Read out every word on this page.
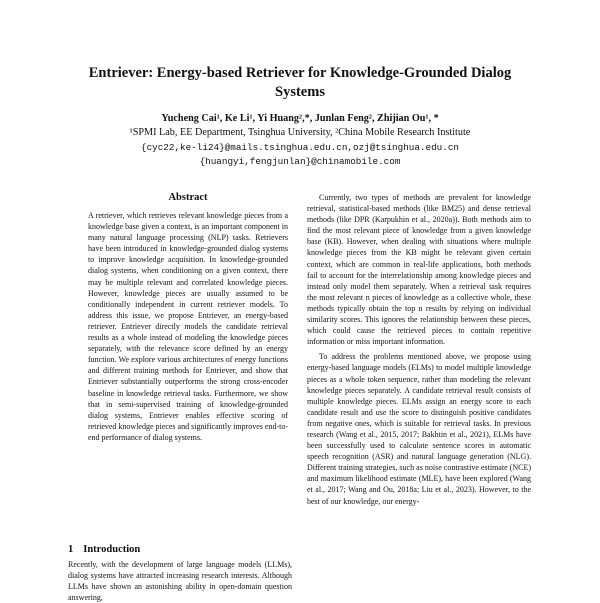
Entriever: Energy-based Retriever for Knowledge-Grounded Dialog Systems
Yucheng Cai¹, Ke Li¹, Yi Huang²,*, Junlan Feng², Zhijian Ou¹, *
¹SPMI Lab, EE Department, Tsinghua University, ²China Mobile Research Institute
{cyc22,ke-li24}@mails.tsinghua.edu.cn,ozj@tsinghua.edu.cn
{huangyi,fengjunlan}@chinamobile.com
Abstract

A retriever, which retrieves relevant knowledge pieces from a knowledge base given a context, is an important component in many natural language processing (NLP) tasks. Retrievers have been introduced in knowledge-grounded dialog systems to improve knowledge acquisition. In knowledge-grounded dialog systems, when conditioning on a given context, there may be multiple relevant and correlated knowledge pieces. However, knowledge pieces are usually assumed to be conditionally independent in current retriever models. To address this issue, we propose Entriever, an energy-based retriever. Entriever directly models the candidate retrieval results as a whole instead of modeling the knowledge pieces separately, with the relevance score defined by an energy function. We explore various architectures of energy functions and different training methods for Entriever, and show that Entriever substantially outperforms the strong cross-encoder baseline in knowledge retrieval tasks. Furthermore, we show that in semi-supervised training of knowledge-grounded dialog systems, Entriever enables effective scoring of retrieved knowledge pieces and significantly improves end-to-end performance of dialog systems.

1 Introduction

Recently, with the development of large language models (LLMs), dialog systems have attracted increasing research interests. Although LLMs have shown an astonishing ability in open-domain question answering,

Currently, two types of methods are prevalent for knowledge retrieval, statistical-based methods (like BM25) and dense retrieval methods (like DPR (Karpukhin et al., 2020a)). Both methods aim to find the most relevant piece of knowledge from a given knowledge base (KB). However, when dealing with situations where multiple knowledge pieces from the KB might be relevant given certain context, which are common in real-life applications, both methods fail to account for the interrelationship among knowledge pieces and instead only model them separately. When a retrieval task requires the most relevant n pieces of knowledge as a collective whole, these methods typically obtain the top n results by relying on individual similarity scores. This ignores the relationship between these pieces, which could cause the retrieved pieces to contain repetitive information or miss important information.

To address the problems mentioned above, we propose using energy-based language models (ELMs) to model multiple knowledge pieces as a whole token sequence, rather than modeling the relevant knowledge pieces separately. A candidate retrieval result consists of multiple knowledge pieces. ELMs assign an energy score to each candidate result and use the score to distinguish positive candidates from negative ones, which is suitable for retrieval tasks. In previous research (Wang et al., 2015, 2017; Bakhtin et al., 2021), ELMs have been successfully used to calculate sentence scores in automatic speech recognition (ASR) and natural language generation (NLG). Different training strategies, such as noise contrastive estimate (NCE) and maximum likelihood estimate (MLE), have been explored (Wang et al., 2017; Wang and Ou, 2018a; Liu et al., 2023). However, to the best of our knowledge, our energy-
